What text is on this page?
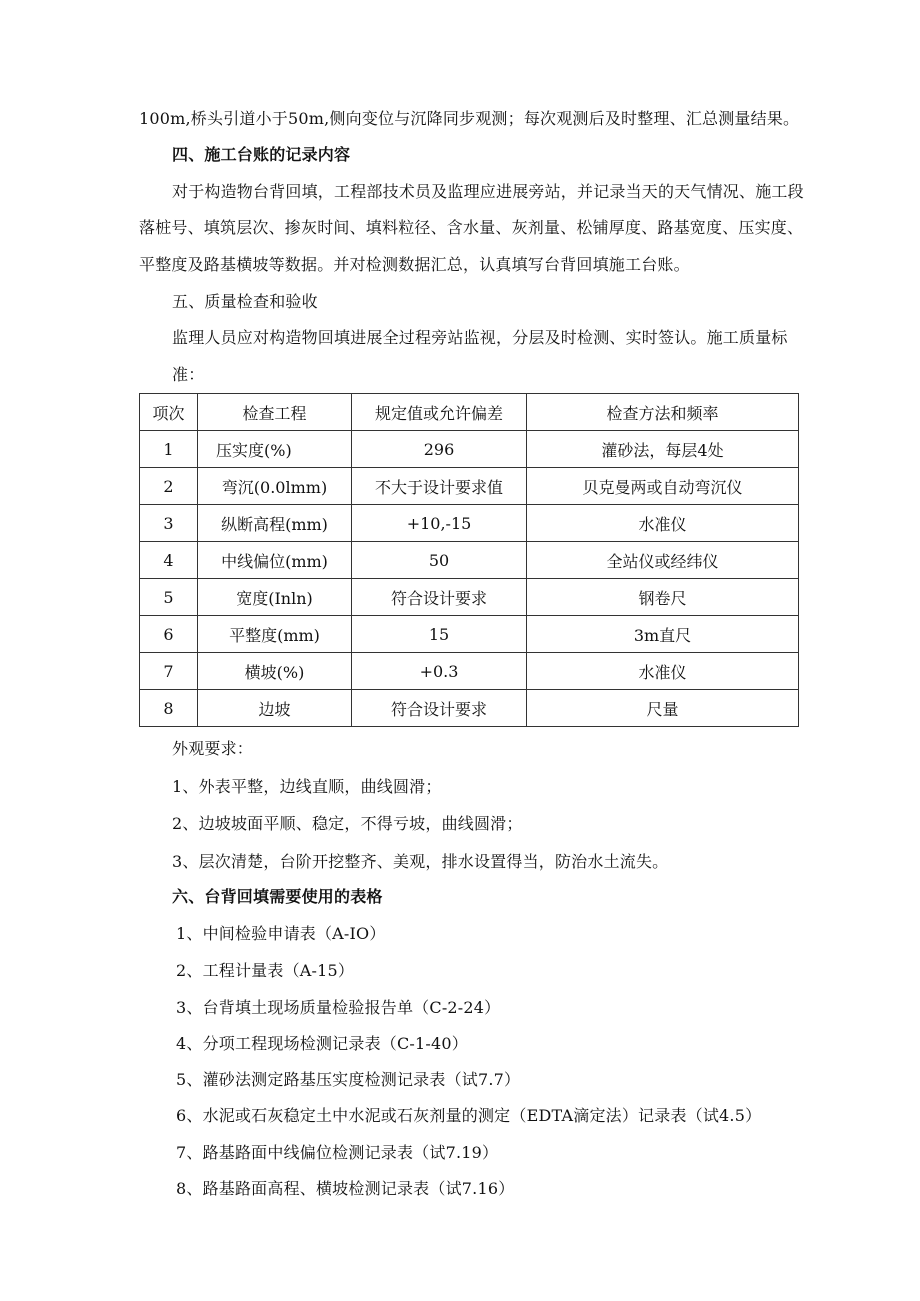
100m,桥头引道小于50m,侧向变位与沉降同步观测；每次观测后及时整理、汇总测量结果。
四、施工台账的记录内容
对于构造物台背回填，工程部技术员及监理应进展旁站，并记录当天的天气情况、施工段
落桩号、填筑层次、掺灰时间、填料粒径、含水量、灰剂量、松铺厚度、路基宽度、压实度、
平整度及路基横坡等数据。并对检测数据汇总，认真填写台背回填施工台账。
五、质量检查和验收
监理人员应对构造物回填进展全过程旁站监视，分层及时检测、实时签认。施工质量标
准：
项次	检查工程	规定值或允许偏差	检查方法和频率
1	压实度(%)	296	灌砂法，每层4处
2	弯沉(0.0lmm)	不大于设计要求值	贝克曼两或自动弯沉仪
3	纵断高程(mm)	+10,-15	水准仪
4	中线偏位(mm)	50	全站仪或经纬仪
5	宽度(Inln)	符合设计要求	钢卷尺
6	平整度(mm)	15	3m直尺
7	横坡(%)	+0.3	水准仪
8	边坡	符合设计要求	尺量
外观要求：
1、外表平整，边线直顺，曲线圆滑；
2、边坡坡面平顺、稳定，不得亏坡，曲线圆滑；
3、层次清楚，台阶开挖整齐、美观，排水设置得当，防治水土流失。
六、台背回填需要使用的表格
1、中间检验申请表（A-IO）
2、工程计量表（A-15）
3、台背填土现场质量检验报告单（C-2-24）
4、分项工程现场检测记录表（C-1-40）
5、灌砂法测定路基压实度检测记录表（试7.7）
6、水泥或石灰稳定土中水泥或石灰剂量的测定（EDTA滴定法）记录表（试4.5）
7、路基路面中线偏位检测记录表（试7.19）
8、路基路面高程、横坡检测记录表（试7.16）
